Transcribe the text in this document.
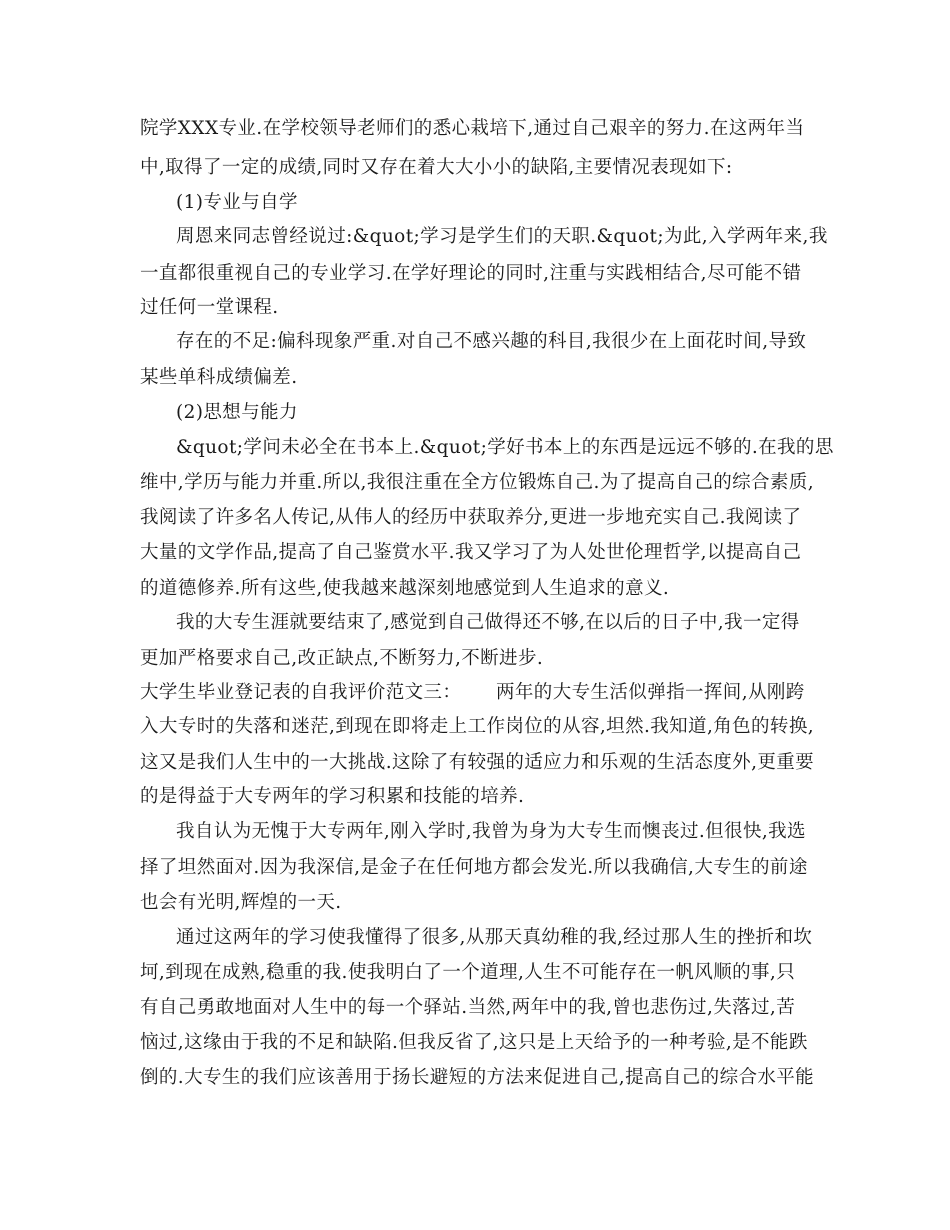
院学XXX专业.在学校领导老师们的悉心栽培下,通过自己艰辛的努力.在这两年当
中,取得了一定的成绩,同时又存在着大大小小的缺陷,主要情况表现如下:
(1)专业与自学
周恩来同志曾经说过:&quot;学习是学生们的天职.&quot;为此,入学两年来,我
一直都很重视自己的专业学习.在学好理论的同时,注重与实践相结合,尽可能不错
过任何一堂课程.
存在的不足:偏科现象严重.对自己不感兴趣的科目,我很少在上面花时间,导致
某些单科成绩偏差.
(2)思想与能力
&quot;学问未必全在书本上.&quot;学好书本上的东西是远远不够的.在我的思
维中,学历与能力并重.所以,我很注重在全方位锻炼自己.为了提高自己的综合素质,
我阅读了许多名人传记,从伟人的经历中获取养分,更进一步地充实自己.我阅读了
大量的文学作品,提高了自己鉴赏水平.我又学习了为人处世伦理哲学,以提高自己
的道德修养.所有这些,使我越来越深刻地感觉到人生追求的意义.
我的大专生涯就要结束了,感觉到自己做得还不够,在以后的日子中,我一定得
更加严格要求自己,改正缺点,不断努力,不断进步.
大学生毕业登记表的自我评价范文三： 两年的大专生活似弹指一挥间,从刚跨
入大专时的失落和迷茫,到现在即将走上工作岗位的从容,坦然.我知道,角色的转换,
这又是我们人生中的一大挑战.这除了有较强的适应力和乐观的生活态度外,更重要
的是得益于大专两年的学习积累和技能的培养.
我自认为无愧于大专两年,刚入学时,我曾为身为大专生而懊丧过.但很快,我选
择了坦然面对.因为我深信,是金子在任何地方都会发光.所以我确信,大专生的前途
也会有光明,辉煌的一天.
通过这两年的学习使我懂得了很多,从那天真幼稚的我,经过那人生的挫折和坎
坷,到现在成熟,稳重的我.使我明白了一个道理,人生不可能存在一帆风顺的事,只
有自己勇敢地面对人生中的每一个驿站.当然,两年中的我,曾也悲伤过,失落过,苦
恼过,这缘由于我的不足和缺陷.但我反省了,这只是上天给予的一种考验,是不能跌
倒的.大专生的我们应该善用于扬长避短的方法来促进自己,提高自己的综合水平能
